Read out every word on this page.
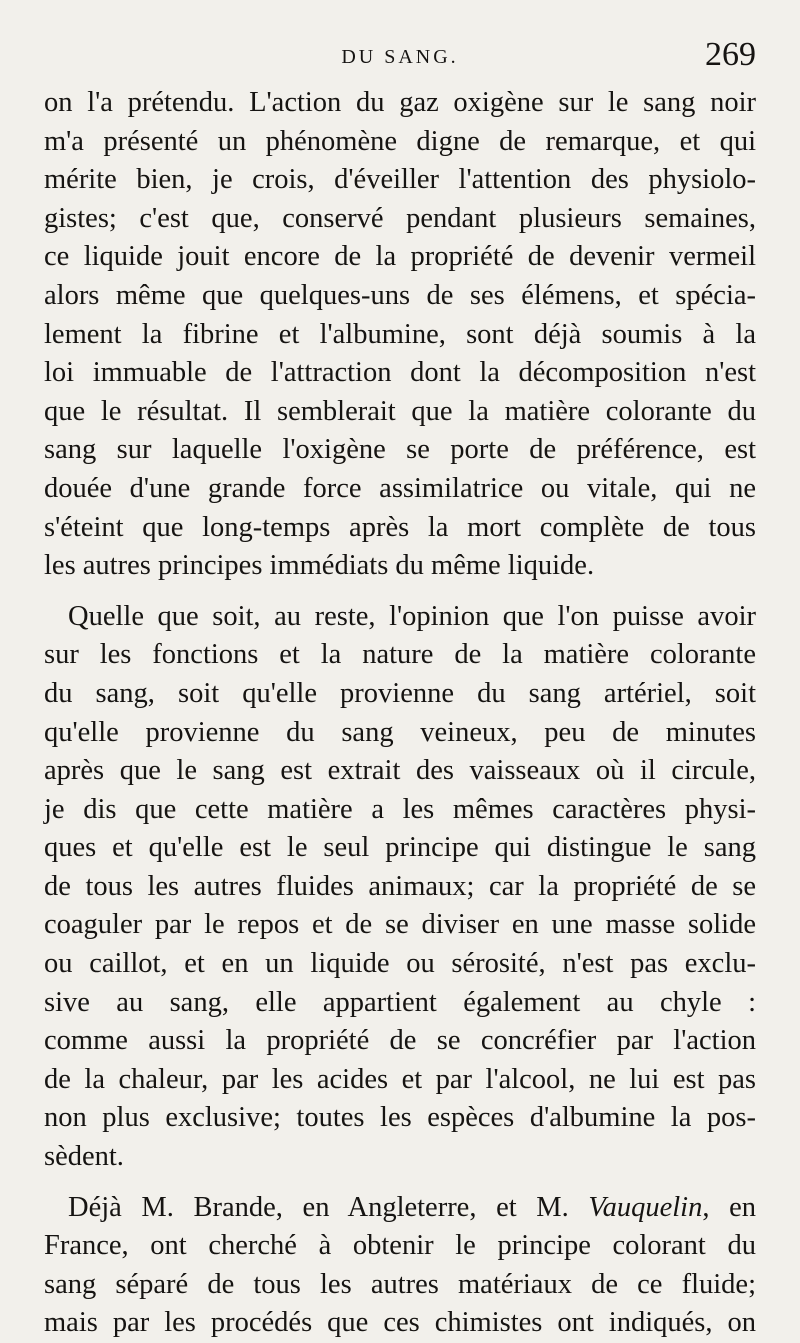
DU SANG.	269
on l'a prétendu. L'action du gaz oxigène sur le sang noir
m'a présenté un phénomène digne de remarque, et qui
mérite bien, je crois, d'éveiller l'attention des physiolo-
gistes; c'est que, conservé pendant plusieurs semaines,
ce liquide jouit encore de la propriété de devenir vermeil
alors même que quelques-uns de ses élémens, et spécia-
lement la fibrine et l'albumine, sont déjà soumis à la
loi immuable de l'attraction dont la décomposition n'est
que le résultat. Il semblerait que la matière colorante du
sang sur laquelle l'oxigène se porte de préférence, est
douée d'une grande force assimilatrice ou vitale, qui ne
s'éteint que long-temps après la mort complète de tous
les autres principes immédiats du même liquide.
Quelle que soit, au reste, l'opinion que l'on puisse avoir
sur les fonctions et la nature de la matière colorante
du sang, soit qu'elle provienne du sang artériel, soit
qu'elle provienne du sang veineux, peu de minutes
après que le sang est extrait des vaisseaux où il circule,
je dis que cette matière a les mêmes caractères physi-
ques et qu'elle est le seul principe qui distingue le sang
de tous les autres fluides animaux; car la propriété de se
coaguler par le repos et de se diviser en une masse solide
ou caillot, et en un liquide ou sérosité, n'est pas exclu-
sive au sang, elle appartient également au chyle :
comme aussi la propriété de se concréfier par l'action
de la chaleur, par les acides et par l'alcool, ne lui est pas
non plus exclusive; toutes les espèces d'albumine la pos-
sèdent.
Déjà M. Brande, en Angleterre, et M. Vauquelin, en
France, ont cherché à obtenir le principe colorant du
sang séparé de tous les autres matériaux de ce fluide;
mais par les procédés que ces chimistes ont indiqués, on
